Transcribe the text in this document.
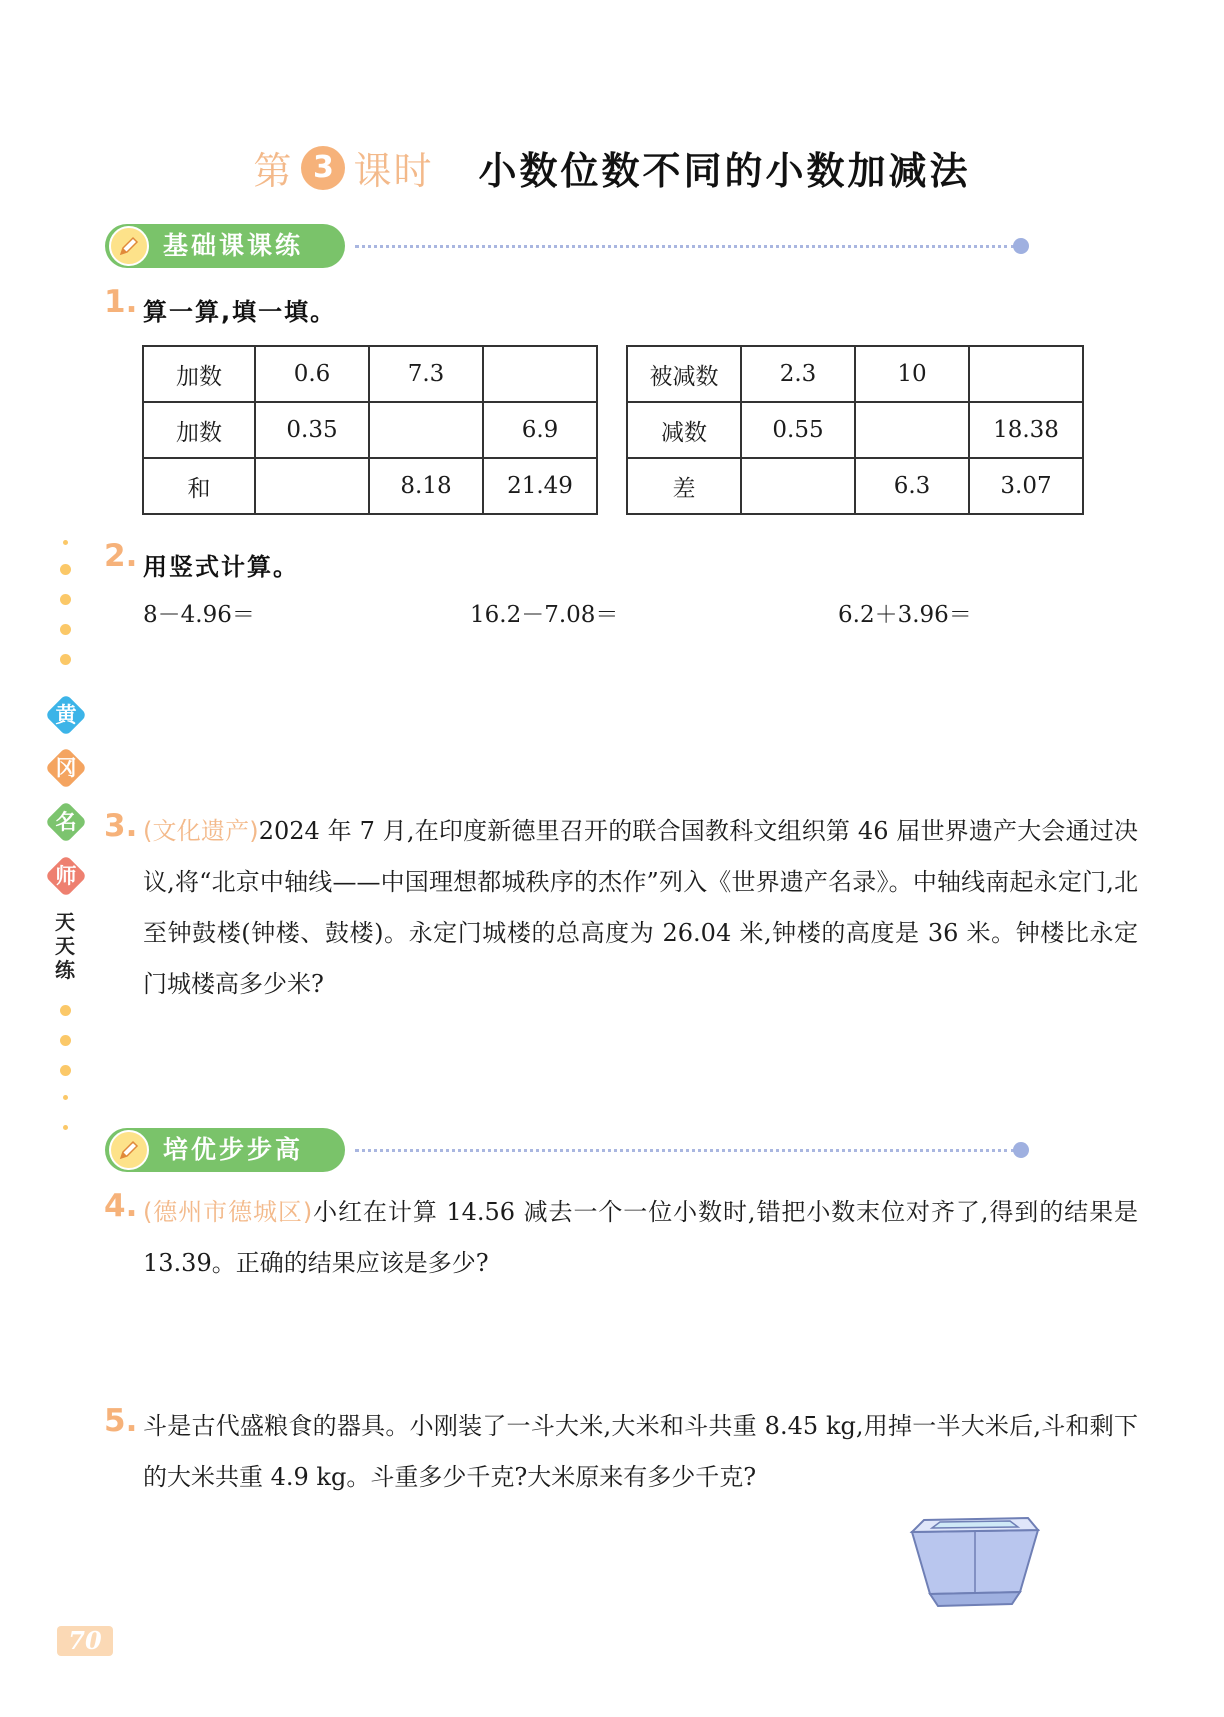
第 3 课时 小数位数不同的小数加减法
基础课课练
1. 算一算,填一填。
加数	0.6	7.3	
加数	0.35		6.9
和		8.18	21.49
被减数	2.3	10	
减数	0.55		18.38
差		6.3	3.07
2. 用竖式计算。
8－4.96＝	16.2－7.08＝	6.2＋3.96＝
3. (文化遗产)2024 年 7 月,在印度新德里召开的联合国教科文组织第 46 届世界遗产大会通过决议,将“北京中轴线——中国理想都城秩序的杰作”列入《世界遗产名录》。中轴线南起永定门,北至钟鼓楼(钟楼、鼓楼)。永定门城楼的总高度为 26.04 米,钟楼的高度是 36 米。钟楼比永定门城楼高多少米?
培优步步高
4. (德州市德城区)小红在计算 14.56 减去一个一位小数时,错把小数末位对齐了,得到的结果是 13.39。正确的结果应该是多少?
5. 斗是古代盛粮食的器具。小刚装了一斗大米,大米和斗共重 8.45 kg,用掉一半大米后,斗和剩下的大米共重 4.9 kg。斗重多少千克?大米原来有多少千克?
黄
冈
名
师
天
天
练
70
